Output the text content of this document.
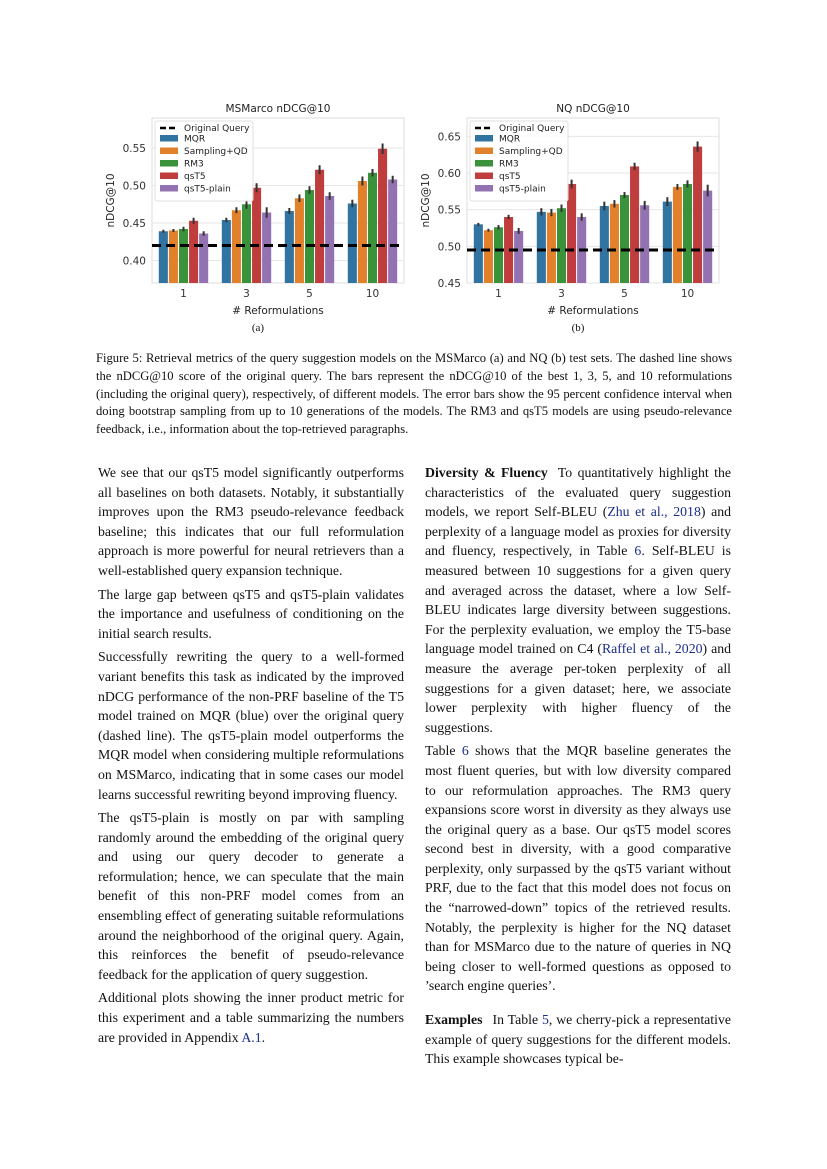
0.40
0.45
0.50
0.55
MSMarco nDCG@10
nDCG@10
# Reformulations
1	3	5	10
Original Query
MQR
Sampling+QD
RM3
qsT5
qsT5-plain
0.45
0.50
0.55
0.60
0.65
NQ nDCG@10
nDCG@10
# Reformulations
1	3	5	10
Original Query
MQR
Sampling+QD
RM3
qsT5
qsT5-plain
(a)	(b)
Figure 5: Retrieval metrics of the query suggestion models on the MSMarco (a) and NQ (b) test sets. The dashed line shows the nDCG@10 score of the original query. The bars represent the nDCG@10 of the best 1, 3, 5, and 10 reformulations (including the original query), respectively, of different models. The error bars show the 95 percent confidence interval when doing bootstrap sampling from up to 10 generations of the models. The RM3 and qsT5 models are using pseudo-relevance feedback, i.e., information about the top-retrieved paragraphs.

We see that our qsT5 model significantly outperforms all baselines on both datasets. Notably, it substantially improves upon the RM3 pseudo-relevance feedback baseline; this indicates that our full reformulation approach is more powerful for neural retrievers than a well-established query expansion technique.

The large gap between qsT5 and qsT5-plain validates the importance and usefulness of conditioning on the initial search results.

Successfully rewriting the query to a well-formed variant benefits this task as indicated by the improved nDCG performance of the non-PRF baseline of the T5 model trained on MQR (blue) over the original query (dashed line). The qsT5-plain model outperforms the MQR model when considering multiple reformulations on MSMarco, indicating that in some cases our model learns successful rewriting beyond improving fluency.

The qsT5-plain is mostly on par with sampling randomly around the embedding of the original query and using our query decoder to generate a reformulation; hence, we can speculate that the main benefit of this non-PRF model comes from an ensembling effect of generating suitable reformulations around the neighborhood of the original query. Again, this reinforces the benefit of pseudo-relevance feedback for the application of query suggestion.

Additional plots showing the inner product metric for this experiment and a table summarizing the numbers are provided in Appendix A.1.

Diversity & Fluency To quantitatively highlight the characteristics of the evaluated query suggestion models, we report Self-BLEU (Zhu et al., 2018) and perplexity of a language model as proxies for diversity and fluency, respectively, in Table 6. Self-BLEU is measured between 10 suggestions for a given query and averaged across the dataset, where a low Self-BLEU indicates large diversity between suggestions. For the perplexity evaluation, we employ the T5-base language model trained on C4 (Raffel et al., 2020) and measure the average per-token perplexity of all suggestions for a given dataset; here, we associate lower perplexity with higher fluency of the suggestions.

Table 6 shows that the MQR baseline generates the most fluent queries, but with low diversity compared to our reformulation approaches. The RM3 query expansions score worst in diversity as they always use the original query as a base. Our qsT5 model scores second best in diversity, with a good comparative perplexity, only surpassed by the qsT5 variant without PRF, due to the fact that this model does not focus on the “narrowed-down” topics of the retrieved results. Notably, the perplexity is higher for the NQ dataset than for MSMarco due to the nature of queries in NQ being closer to well-formed questions as opposed to ’search engine queries’.

Examples In Table 5, we cherry-pick a representative example of query suggestions for the different models. This example showcases typical be-
